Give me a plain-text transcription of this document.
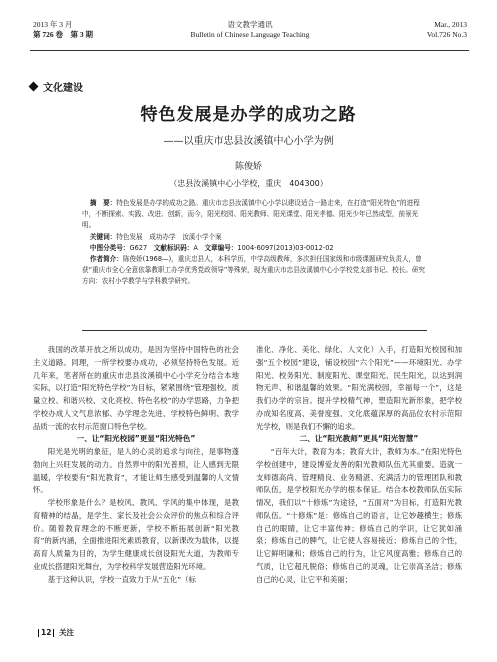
2013 年 3 月
第 726 卷　第 3 期
语文教学通讯
Bulletin of Chinese Language Teaching
Mar., 2013
Vol.726 No.3
文化建设
特色发展是办学的成功之路
——以重庆市忠县汝溪镇中心小学为例
陈俊娇
（忠县汝溪镇中心小学校，重庆　404300）

摘　要：特色发展是办学的成功之路。重庆市忠县汝溪镇中心小学以建设适合一路走来，在打造“阳光特色”的进程中，不断探索、实践、改进、创新，而今，阳光校园、阳光教师、阳光课堂、阳光孝德、阳光少年已然成型，前景光明。

关键词：特色发展　成功办学　汝溪小学个案

中图分类号：G627　 文献标识码：A　 文章编号：1004-6097(2013)03-0012-02

作者简介：陈俊娇(1968—)，重庆忠县人，本科学历，中学高级教师，多次担任国家级和市级课题研究负责人，曾获“重庆市全心全意依靠教职工办学优秀党政领导”等殊荣，现为重庆市忠县汝溪镇中心小学校党支部书记、校长。研究方向：农村小学教学与学科教学研究。

我国的改革开放之所以成功，是因为坚持中国特色的社会主义道路。同理，一所学校要办成功，必须坚持特色发展。近几年来，笔者所在的重庆市忠县汝溪镇中心小学充分结合本地实际，以打造“阳光特色学校”为目标，紧紧围绕“管理强校、质量立校、和谐兴校、文化亮校、特色名校”的办学思路，力争把学校办成人文气息浓郁、办学理念先进、学校特色鲜明、教学品质一流的农村示范窗口特色学校。

一、让“阳光校园”更显“阳光特色”

阳光是光明的象征，是人的心灵的追求与向往，是事物蓬勃向上兴旺发展的动力。自然界中的阳光普照，让人感到无限温暖，学校要有“阳光教育”，才能让师生感受到温馨的人文情怀。

学校形象是什么？是校风、教风、学风的集中体现，是教育精神的结晶，是学生、家长及社会公众评价的焦点和综合评价。随着教育理念的不断更新，学校不断拓展创新“阳光教育”的新内涵，全面推进阳光素质教育，以新课改为载体，以提高育人质量为目的，为学生健康成长创设阳光大道，为教师专业成长搭建阳光舞台，为学校科学发展营造阳光环境。

基于这种认识，学校一直致力于从“五化”（标

准化、净化、美化、绿化、人文化）入手，打造阳光校园和加强“五个校园”建设，铺设校园“六个阳光”——环境阳光、办学阳光、校务阳光、制度阳光、课堂阳光、民生阳光，以达到润物无声、和谐温馨的效果。“阳光满校园，幸福每一个”，这是我们办学的宗旨。提升学校精气神，塑造阳光新形象，把学校办成知名度高、美誉度强、文化底蕴深厚的高品位农村示范阳光学校，则是我们不懈的追求。

二、让“阳光教师”更具“阳光智慧”

“百年大计，教育为本；教育大计，教师为本。”在阳光特色学校创建中，建设博爱友善的阳光教师队伍尤其重要。造就一支师德高尚、管理精良、业务精湛、充满活力的管理团队和教师队伍，是学校阳光办学的根本保证。结合本校教师队伍实际情况，我们以“十修炼”为途径，“五面对”为目标，打造阳光教师队伍。“十修炼”是：修炼自己的语言，让它妙趣横生；修炼自己的眼睛，让它丰富传神；修炼自己的学识，让它犹如涌泉；修炼自己的脾气，让它使人容易接近；修炼自己的个性，让它鲜明谦和；修炼自己的行为，让它风度高雅；修炼自己的气质，让它超凡脱俗；修炼自己的灵魂，让它崇高圣洁；修炼自己的心灵，让它平和美丽；

12 关注
